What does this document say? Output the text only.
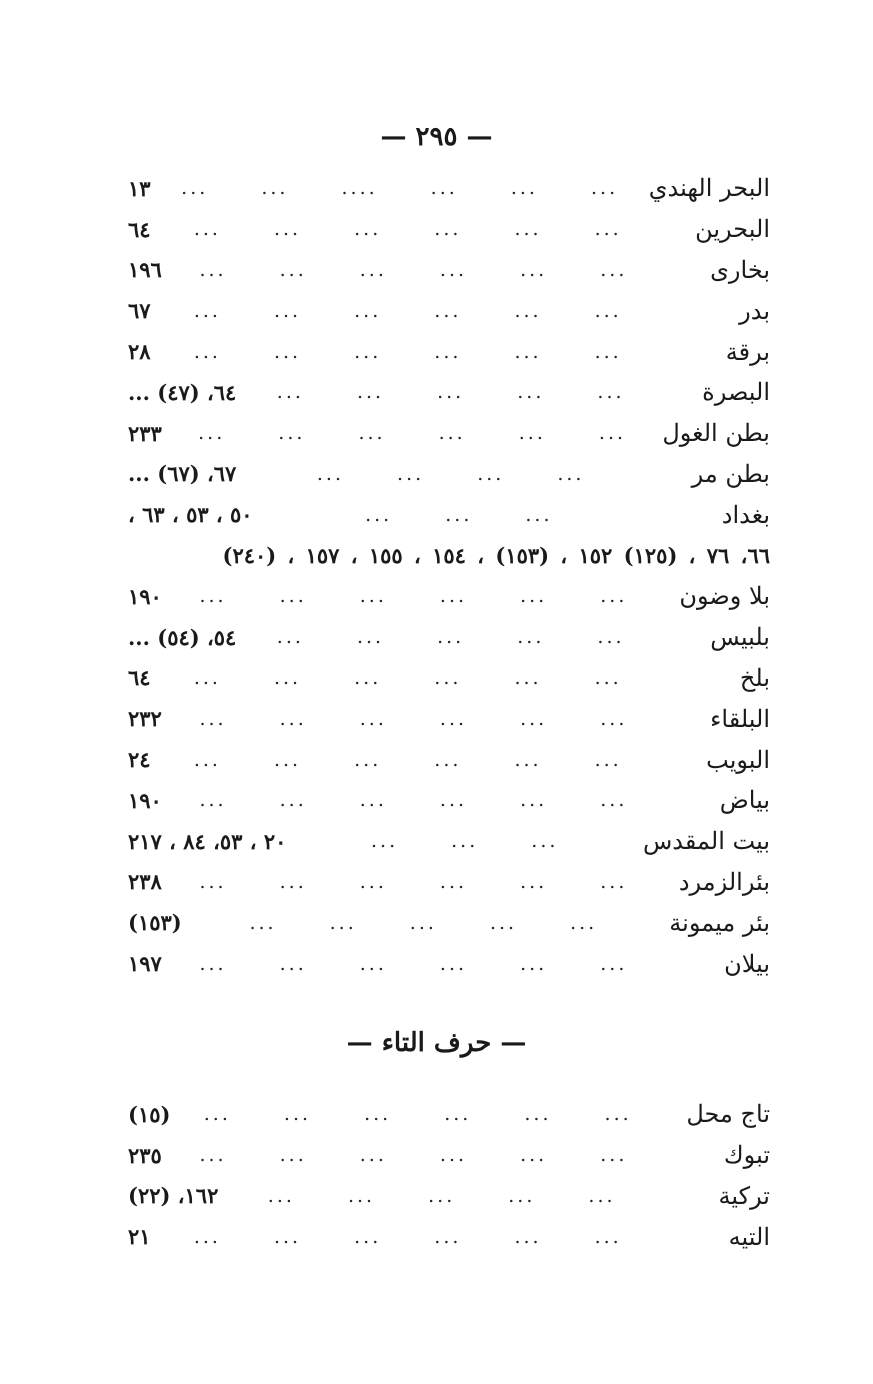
— ٢٩٥ —
البحر الهندي
... ... ... .... ... ...
١٣
البحرين
... ... ... ... ... ...
٦٤
بخارى
... ... ... ... ... ...
١٩٦
بدر
... ... ... ... ... ...
٦٧
برقة
... ... ... ... ... ...
٢٨
البصرة
... ... ... ... ...
٦٤، (٤٧) ...
بطن الغول
... ... ... ... ... ...
٢٣٣
بطن مر
... ... ... ...
٦٧، (٦٧) ...
بغداد
... ... ...
٥٠ ، ٥٣ ، ٦٣ ،
٦٦، ٧٦ ، (١٢٥) ١٥٢ ، (١٥٣) ، ١٥٤ ، ١٥٥ ، ١٥٧ ، (٢٤٠)
بلا وضون
... ... ... ... ... ...
١٩٠
بلبيس
... ... ... ... ...
٥٤، (٥٤) ...
بلخ
... ... ... ... ... ...
٦٤
البلقاء
... ... ... ... ... ...
٢٣٢
البويب
... ... ... ... ... ...
٢٤
بياض
... ... ... ... ... ...
١٩٠
بيت المقدس
... ... ...
٢٠ ، ٥٣، ٨٤ ، ٢١٧
بئرالزمرد
... ... ... ... ... ...
٢٣٨
بئر ميمونة
... ... ... ... ...
(١٥٣)
بيلان
... ... ... ... ... ...
١٩٧
— حرف التاء —
تاج محل
... ... ... ... ... ...
(١٥)
تبوك
... ... ... ... ... ...
٢٣٥
تركية
... ... ... ... ...
١٦٢، (٢٢)
التيه
... ... ... ... ... ...
٢١
